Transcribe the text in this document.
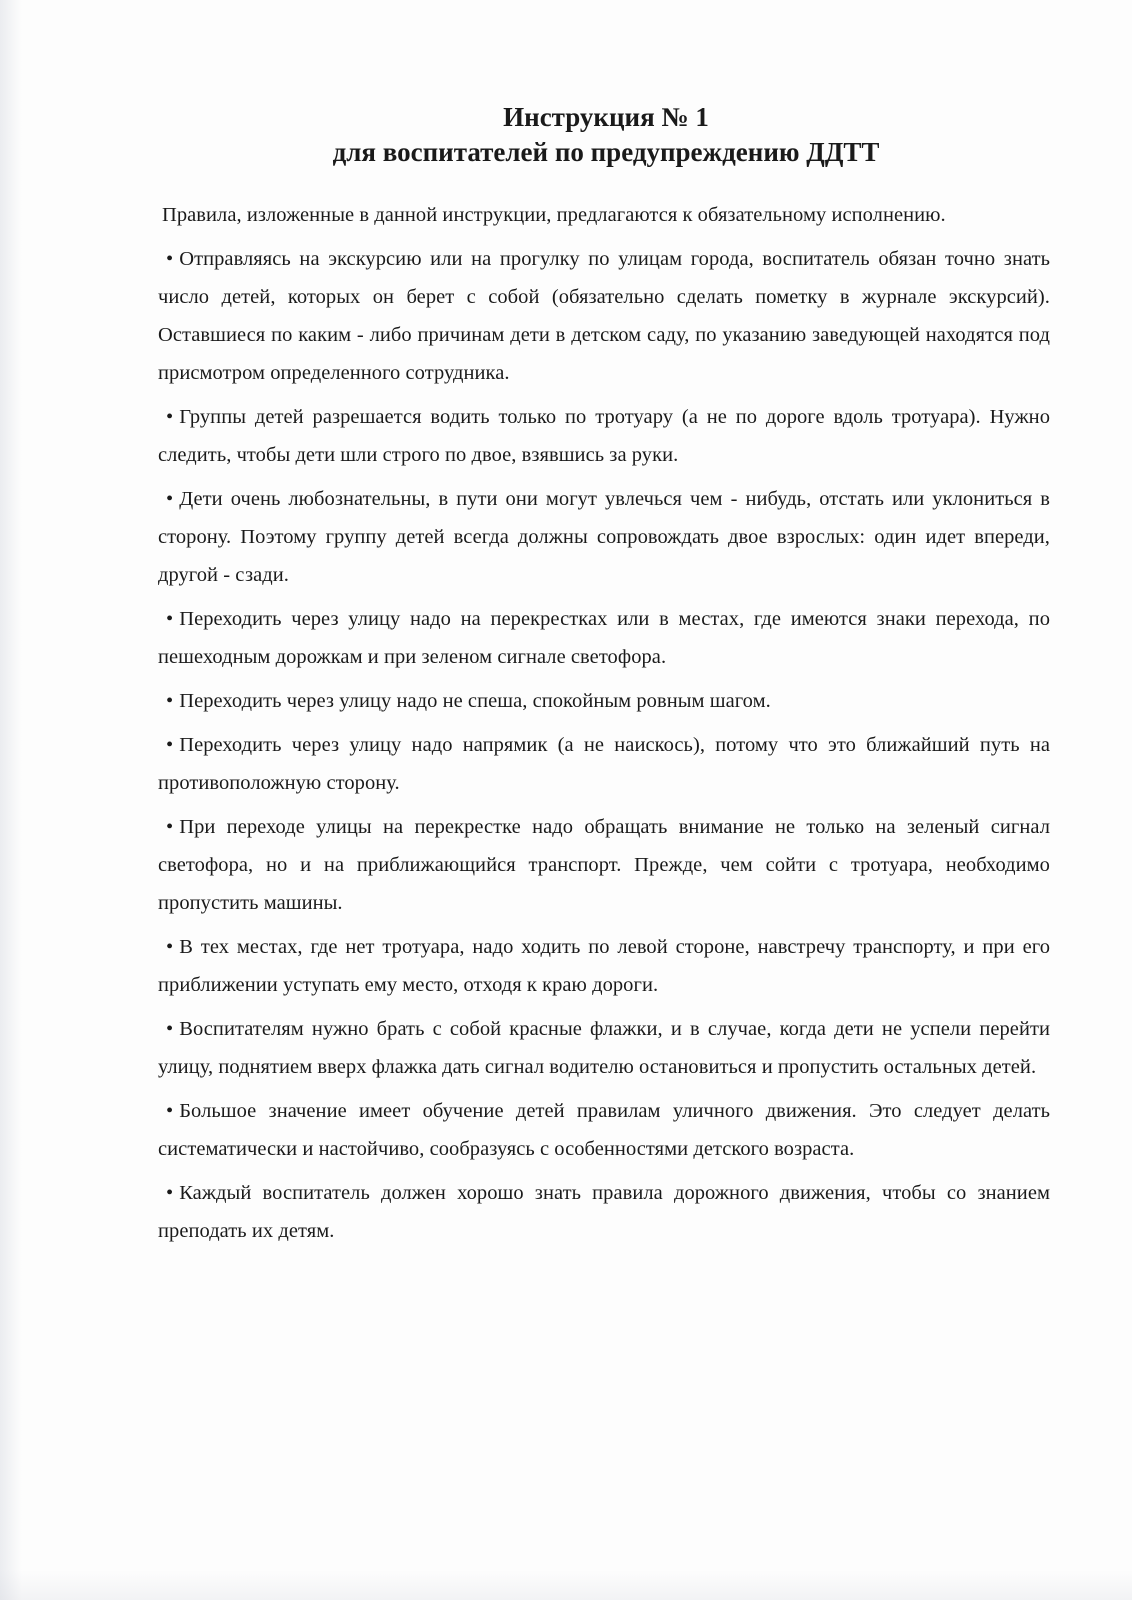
Инструкция № 1
для воспитателей по предупреждению ДДТТ

Правила, изложенные в данной инструкции, предлагаются к обязательному исполнению.

• Отправляясь на экскурсию или на прогулку по улицам города, воспитатель обязан точно знать число детей, которых он берет с собой (обязательно сделать пометку в журнале экскурсий). Оставшиеся по каким - либо причинам дети в детском саду, по указанию заведующей находятся под присмотром определенного сотрудника.

• Группы детей разрешается водить только по тротуару (а не по дороге вдоль тротуара). Нужно следить, чтобы дети шли строго по двое, взявшись за руки.

• Дети очень любознательны, в пути они могут увлечься чем - нибудь, отстать или уклониться в сторону. Поэтому группу детей всегда должны сопровождать двое взрослых: один идет впереди, другой - сзади.

• Переходить через улицу надо на перекрестках или в местах, где имеются знаки перехода, по пешеходным дорожкам и при зеленом сигнале светофора.

• Переходить через улицу надо не спеша, спокойным ровным шагом.

• Переходить через улицу надо напрямик (а не наискось), потому что это ближайший путь на противоположную сторону.

• При переходе улицы на перекрестке надо обращать внимание не только на зеленый сигнал светофора, но и на приближающийся транспорт. Прежде, чем сойти с тротуара, необходимо пропустить машины.

• В тех местах, где нет тротуара, надо ходить по левой стороне, навстречу транспорту, и при его приближении уступать ему место, отходя к краю дороги.

• Воспитателям нужно брать с собой красные флажки, и в случае, когда дети не успели перейти улицу, поднятием вверх флажка дать сигнал водителю остановиться и пропустить остальных детей.

• Большое значение имеет обучение детей правилам уличного движения. Это следует делать систематически и настойчиво, сообразуясь с особенностями детского возраста.

• Каждый воспитатель должен хорошо знать правила дорожного движения, чтобы со знанием преподать их детям.
